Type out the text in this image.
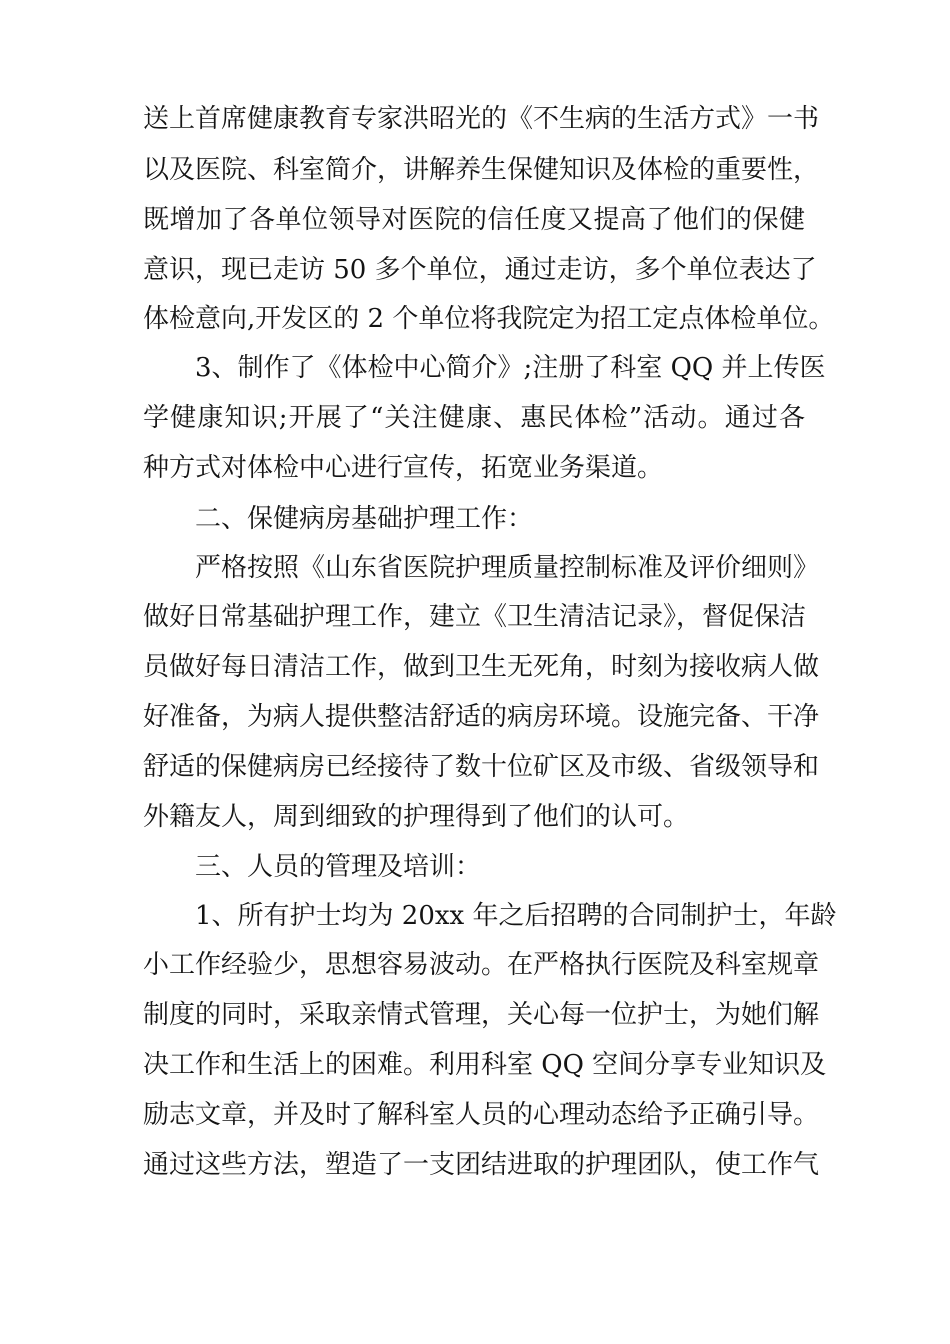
送上首席健康教育专家洪昭光的《不生病的生活方式》一书
以及医院、科室简介，讲解养生保健知识及体检的重要性，
既增加了各单位领导对医院的信任度又提高了他们的保健
意识，现已走访 50 多个单位，通过走访，多个单位表达了
体检意向,开发区的 2 个单位将我院定为招工定点体检单位。
3、制作了《体检中心简介》;注册了科室 QQ 并上传医
学健康知识;开展了“关注健康、惠民体检”活动。通过各
种方式对体检中心进行宣传，拓宽业务渠道。
二、保健病房基础护理工作：
严格按照《山东省医院护理质量控制标准及评价细则》
做好日常基础护理工作，建立《卫生清洁记录》，督促保洁
员做好每日清洁工作，做到卫生无死角，时刻为接收病人做
好准备，为病人提供整洁舒适的病房环境。设施完备、干净
舒适的保健病房已经接待了数十位矿区及市级、省级领导和
外籍友人，周到细致的护理得到了他们的认可。
三、人员的管理及培训：
1、所有护士均为 20xx 年之后招聘的合同制护士，年龄
小工作经验少，思想容易波动。在严格执行医院及科室规章
制度的同时，采取亲情式管理，关心每一位护士，为她们解
决工作和生活上的困难。利用科室 QQ 空间分享专业知识及
励志文章，并及时了解科室人员的心理动态给予正确引导。
通过这些方法，塑造了一支团结进取的护理团队，使工作气
